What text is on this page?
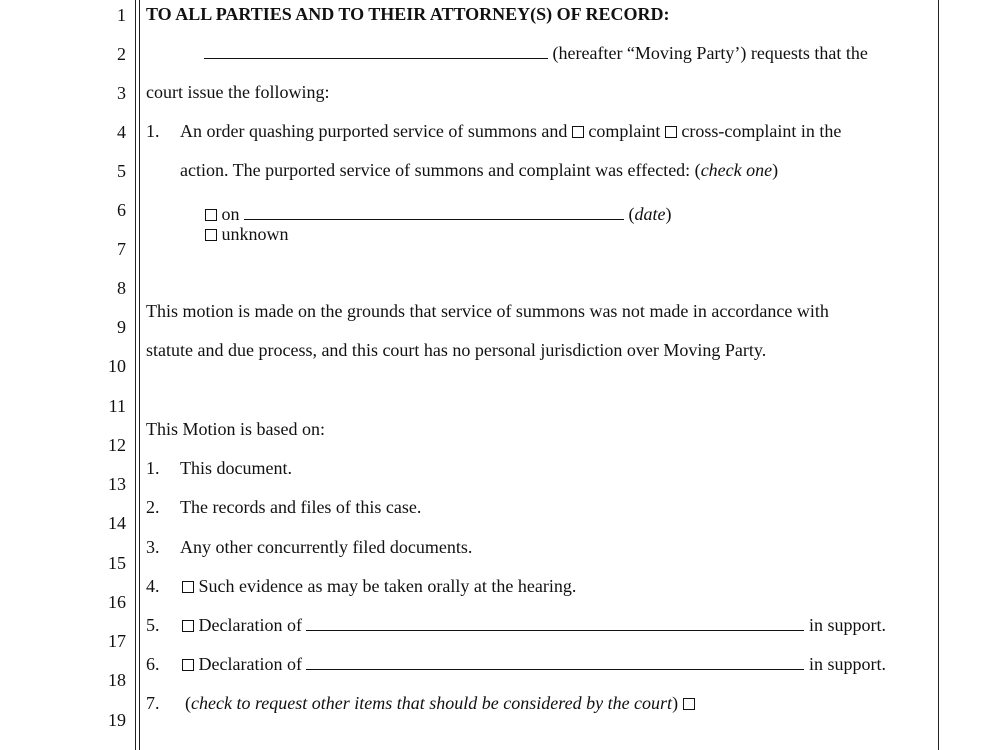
1
2
3
4
5
6
7
8
9
10
11
12
13
14
15
16
17
18
19
TO ALL PARTIES AND TO THEIR ATTORNEY(S) OF RECORD:
(hereafter “Moving Party’) requests that the
court issue the following:
1. An order quashing purported service of summons and complaint cross-complaint in the
action. The purported service of summons and complaint was effected: (check one)
on	(date)
unknown
This motion is made on the grounds that service of summons was not made in accordance with
statute and due process, and this court has no personal jurisdiction over Moving Party.
This Motion is based on:
1. This document.
2. The records and files of this case.
3. Any other concurrently filed documents.
4.	Such evidence as may be taken orally at the hearing.
5.	Declaration of	in support.
6.	Declaration of	in support.
7. (check to request other items that should be considered by the court)
